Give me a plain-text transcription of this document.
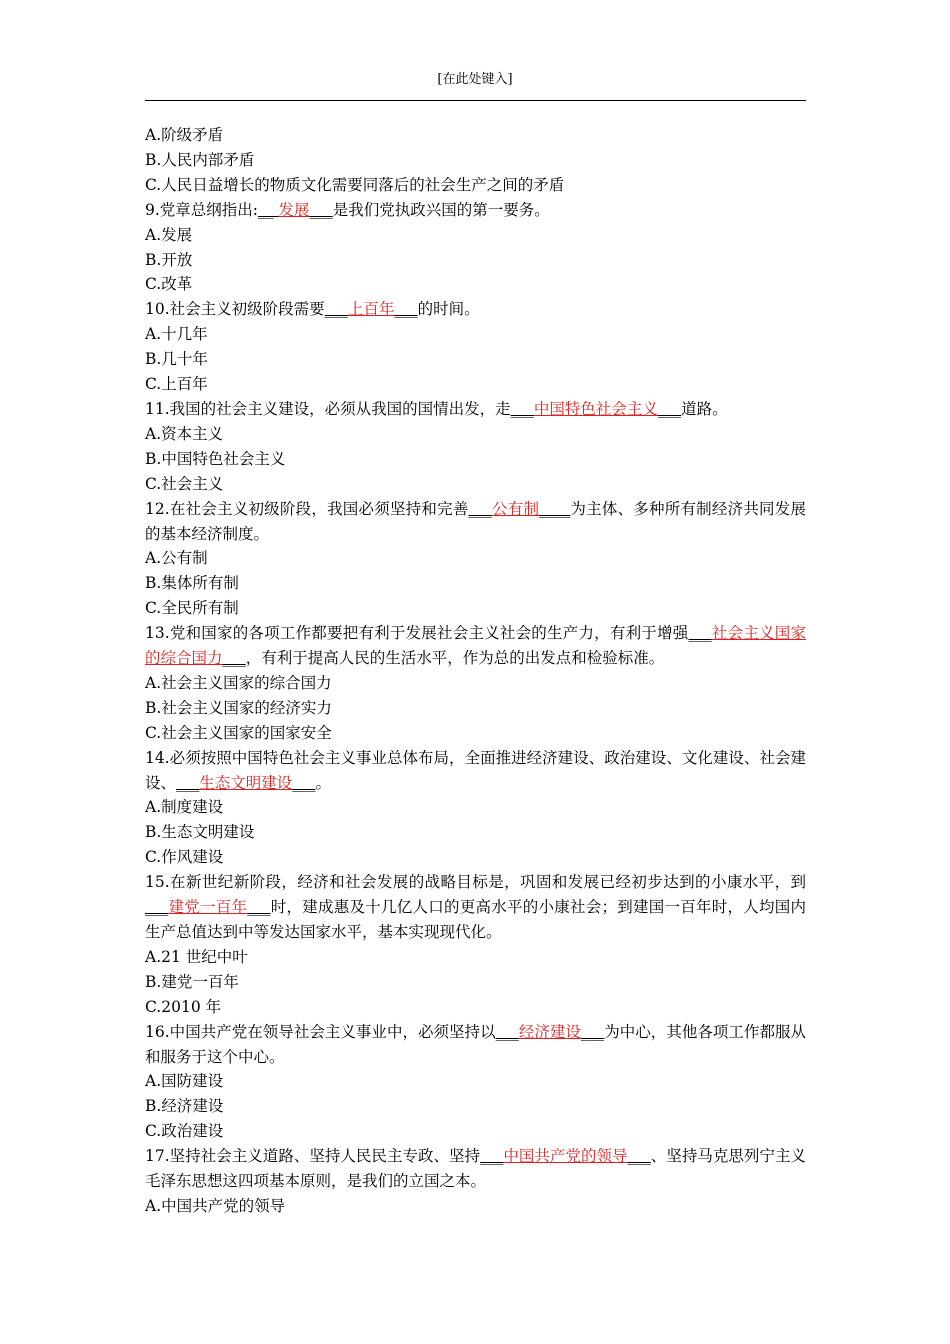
[在此处键入]
A.阶级矛盾
B.人民内部矛盾
C.人民日益增长的物质文化需要同落后的社会生产之间的矛盾
9.党章总纲指出:__ 发展___是我们党执政兴国的第一要务。
A.发展
B.开放
C.改革
10.社会主义初级阶段需要___上百年___的时间。
A.十几年
B.几十年
C.上百年
11.我国的社会主义建设，必须从我国的国情出发，走___中国特色社会主义___道路。
A.资本主义
B.中国特色社会主义
C.社会主义
12.在社会主义初级阶段，我国必须坚持和完善___公有制____为主体、多种所有制经济共同发展的基本经济制度。
A.公有制
B.集体所有制
C.全民所有制
13.党和国家的各项工作都要把有利于发展社会主义社会的生产力，有利于增强___社会主义国家的综合国力___，有利于提高人民的生活水平，作为总的出发点和检验标准。
A.社会主义国家的综合国力
B.社会主义国家的经济实力
C.社会主义国家的国家安全
14.必须按照中国特色社会主义事业总体布局，全面推进经济建设、政治建设、文化建设、社会建设、___生态文明建设___。
A.制度建设
B.生态文明建设
C.作风建设
15.在新世纪新阶段，经济和社会发展的战略目标是，巩固和发展已经初步达到的小康水平，到___建党一百年___时，建成惠及十几亿人口的更高水平的小康社会；到建国一百年时，人均国内生产总值达到中等发达国家水平，基本实现现代化。
A.21 世纪中叶
B.建党一百年
C.2010 年
16.中国共产党在领导社会主义事业中，必须坚持以___经济建设___为中心，其他各项工作都服从和服务于这个中心。
A.国防建设
B.经济建设
C.政治建设
17.坚持社会主义道路、坚持人民民主专政、坚持___中国共产党的领导___、坚持马克思列宁主义毛泽东思想这四项基本原则，是我们的立国之本。
A.中国共产党的领导
